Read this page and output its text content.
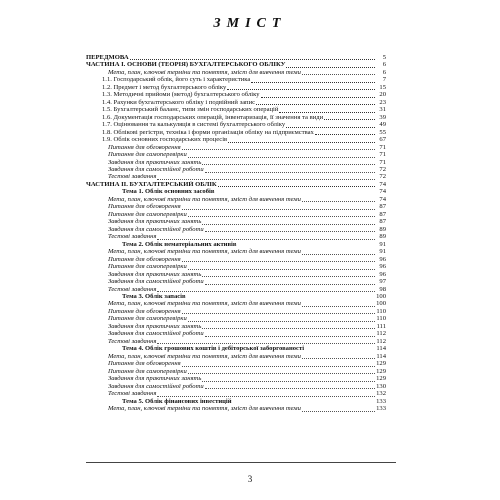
ЗМІСТ
ПЕРЕДМОВА	5
ЧАСТИНА І. ОСНОВИ (ТЕОРІЯ) БУХГАЛТЕРСЬКОГО ОБЛІКУ	6
Мета, план, ключові терміни та поняття, зміст для вивчення теми	6
1.1. Господарський облік, його суть і характеристика	7
1.2. Предмет і метод бухгалтерського обліку	15
1.3. Методичні прийоми (метод) бухгалтерського обліку	20
1.4. Рахунки бухгалтерського обліку і подвійний запис	23
1.5. Бухгалтерський баланс, типи змін господарських операцій	31
1.6. Документація господарських операцій, інвентаризація, її значення та види	39
1.7. Оцінювання та калькуляція в системі бухгалтерського обліку	49
1.8. Облікові регістри, техніка і форми організація обліку на підприємствах	55
1.9. Облік основних господарських процесів	67
Питання для обговорення	71
Питання для самоперевірки	71
Завдання для практичних занять	71
Завдання для самостійної роботи	72
Тестові завдання	72
ЧАСТИНА ІІ. БУХГАЛТЕРСЬКИЙ ОБЛІК	74
Тема 1. Облік основних засобів	74
Мета, план, ключові терміни та поняття, зміст для вивчення теми	74
Питання для обговорення	87
Питання для самоперевірки	87
Завдання для практичних занять	87
Завдання для самостійної роботи	89
Тестові завдання	89
Тема 2. Облік нематеріальних активів	91
Мета, план, ключові терміни та поняття, зміст для вивчення теми	91
Питання для обговорення	96
Питання для самоперевірки	96
Завдання для практичних занять	96
Завдання для самостійної роботи	97
Тестові завдання	98
Тема 3. Облік запасів	100
Мета, план, ключові терміни та поняття, зміст для вивчення теми	100
Питання для обговорення	110
Питання для самоперевірки	110
Завдання для практичних занять	111
Завдання для самостійної роботи	112
Тестові завдання	112
Тема 4. Облік грошових коштів і дебіторської заборгованості	114
Мета, план, ключові терміни та поняття, зміст для вивчення теми	114
Питання для обговорення	129
Питання для самоперевірки	129
Завдання для практичних занять	129
Завдання для самостійної роботи	130
Тестові завдання	132
Тема 5. Облік фінансових інвестицій	133
Мета, план, ключові терміни та поняття, зміст для вивчення теми	133
3
